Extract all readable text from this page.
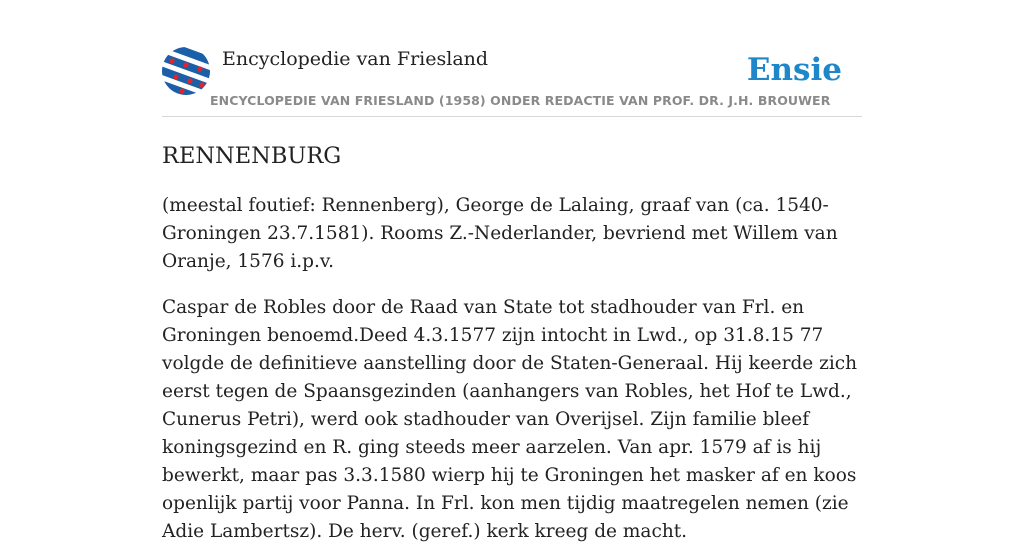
Encyclopedie van Friesland	Ensie
ENCYCLOPEDIE VAN FRIESLAND (1958) ONDER REDACTIE VAN PROF. DR. J.H. BROUWER
RENNENBURG

(meestal foutief: Rennenberg), George de Lalaing, graaf van (ca. 1540-Groningen 23.7.1581). Rooms Z.-Nederlander, bevriend met Willem van Oranje, 1576 i.p.v.

Caspar de Robles door de Raad van State tot stadhouder van Frl. en Groningen benoemd.Deed 4.3.1577 zijn intocht in Lwd., op 31.8.15 77 volgde de definitieve aanstelling door de Staten-Generaal. Hij keerde zich eerst tegen de Spaansgezinden (aanhangers van Robles, het Hof te Lwd., Cunerus Petri), werd ook stadhouder van Overijsel. Zijn familie bleef koningsgezind en R. ging steeds meer aarzelen. Van apr. 1579 af is hij bewerkt, maar pas 3.3.1580 wierp hij te Groningen het masker af en koos openlijk partij voor Panna. In Frl. kon men tijdig maatregelen nemen (zie Adie Lambertsz). De herv. (geref.) kerk kreeg de macht.
